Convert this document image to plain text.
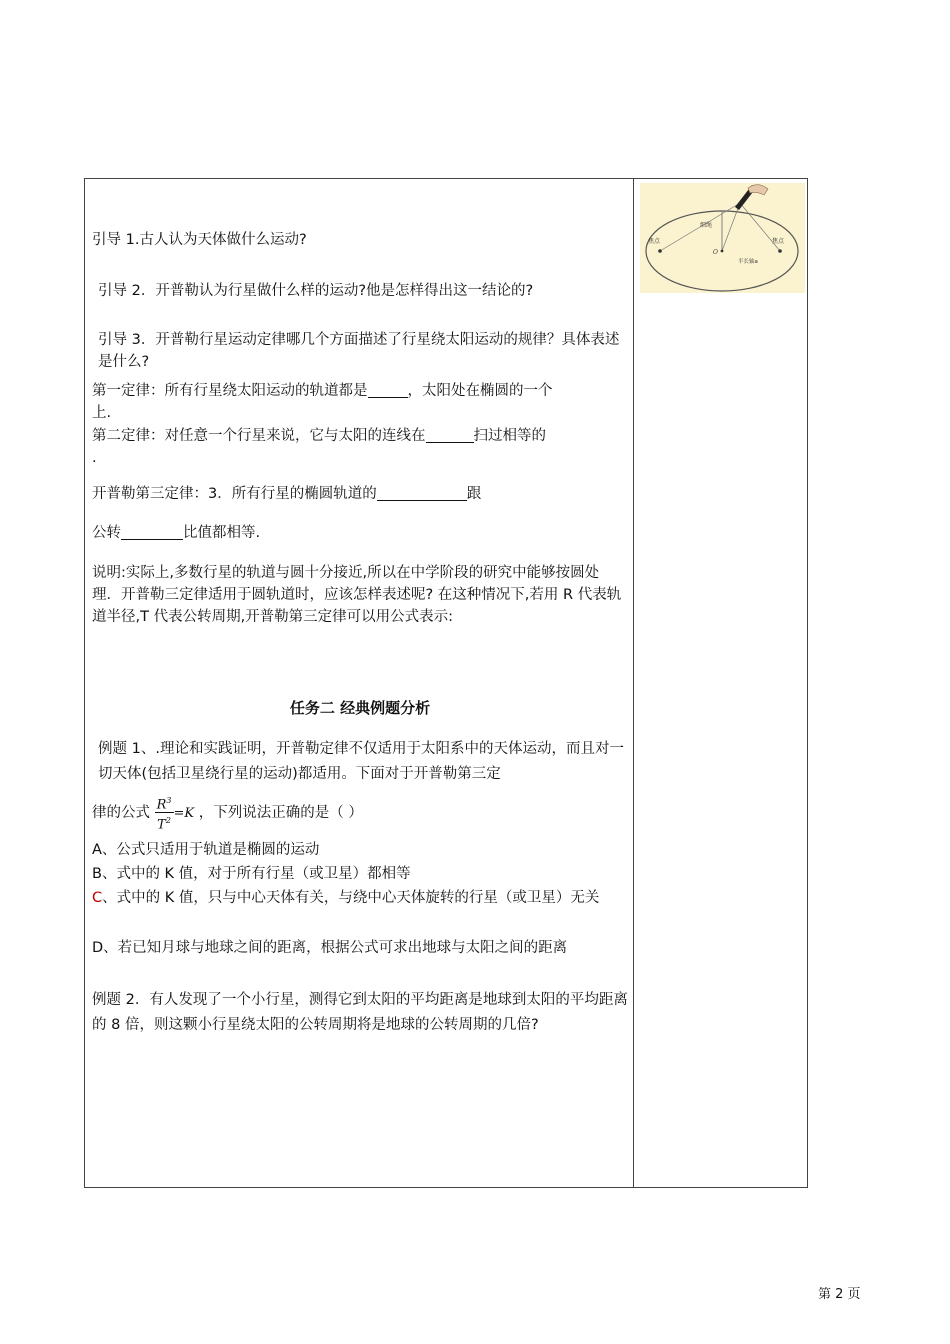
引导 1.古人认为天体做什么运动?
引导 2．开普勒认为行星做什么样的运动?他是怎样得出这一结论的?
引导 3．开普勒行星运动定律哪几个方面描述了行星绕太阳运动的规律？具体表述是什么?
第一定律：所有行星绕太阳运动的轨道都是	，太阳处在椭圆的一个
上.
第二定律：对任意一个行星来说，它与太阳的连线在	扫过相等的
.
开普勒第三定律：3．所有行星的椭圆轨道的	跟
公转	比值都相等.
说明:实际上,多数行星的轨道与圆十分接近,所以在中学阶段的研究中能够按圆处理．开普勒三定律适用于圆轨道时，应该怎样表述呢? 在这种情况下,若用 R 代表轨道半径,T 代表公转周期,开普勒第三定律可以用公式表示:
任务二 经典例题分析
例题 1、.理论和实践证明，开普勒定律不仅适用于太阳系中的天体运动，而且对一切天体(包括卫星绕行星的运动)都适用。下面对于开普勒第三定
律的公式 $\frac{R^3}{T^2} =K$ ，下列说法正确的是（ ）
A、公式只适用于轨道是椭圆的运动
B、式中的 K 值，对于所有行星（或卫星）都相等
C、式中的 K 值，只与中心天体有关，与绕中心天体旋转的行星（或卫星）无关
D、若已知月球与地球之间的距离，根据公式可求出地球与太阳之间的距离
例题 2．有人发现了一个小行星，测得它到太阳的平均距离是地球到太阳的平均距离的 8 倍，则这颗小行星绕太阳的公转周期将是地球的公转周期的几倍?
焦点	焦点
细绳
O
半长轴a
第 2 页
